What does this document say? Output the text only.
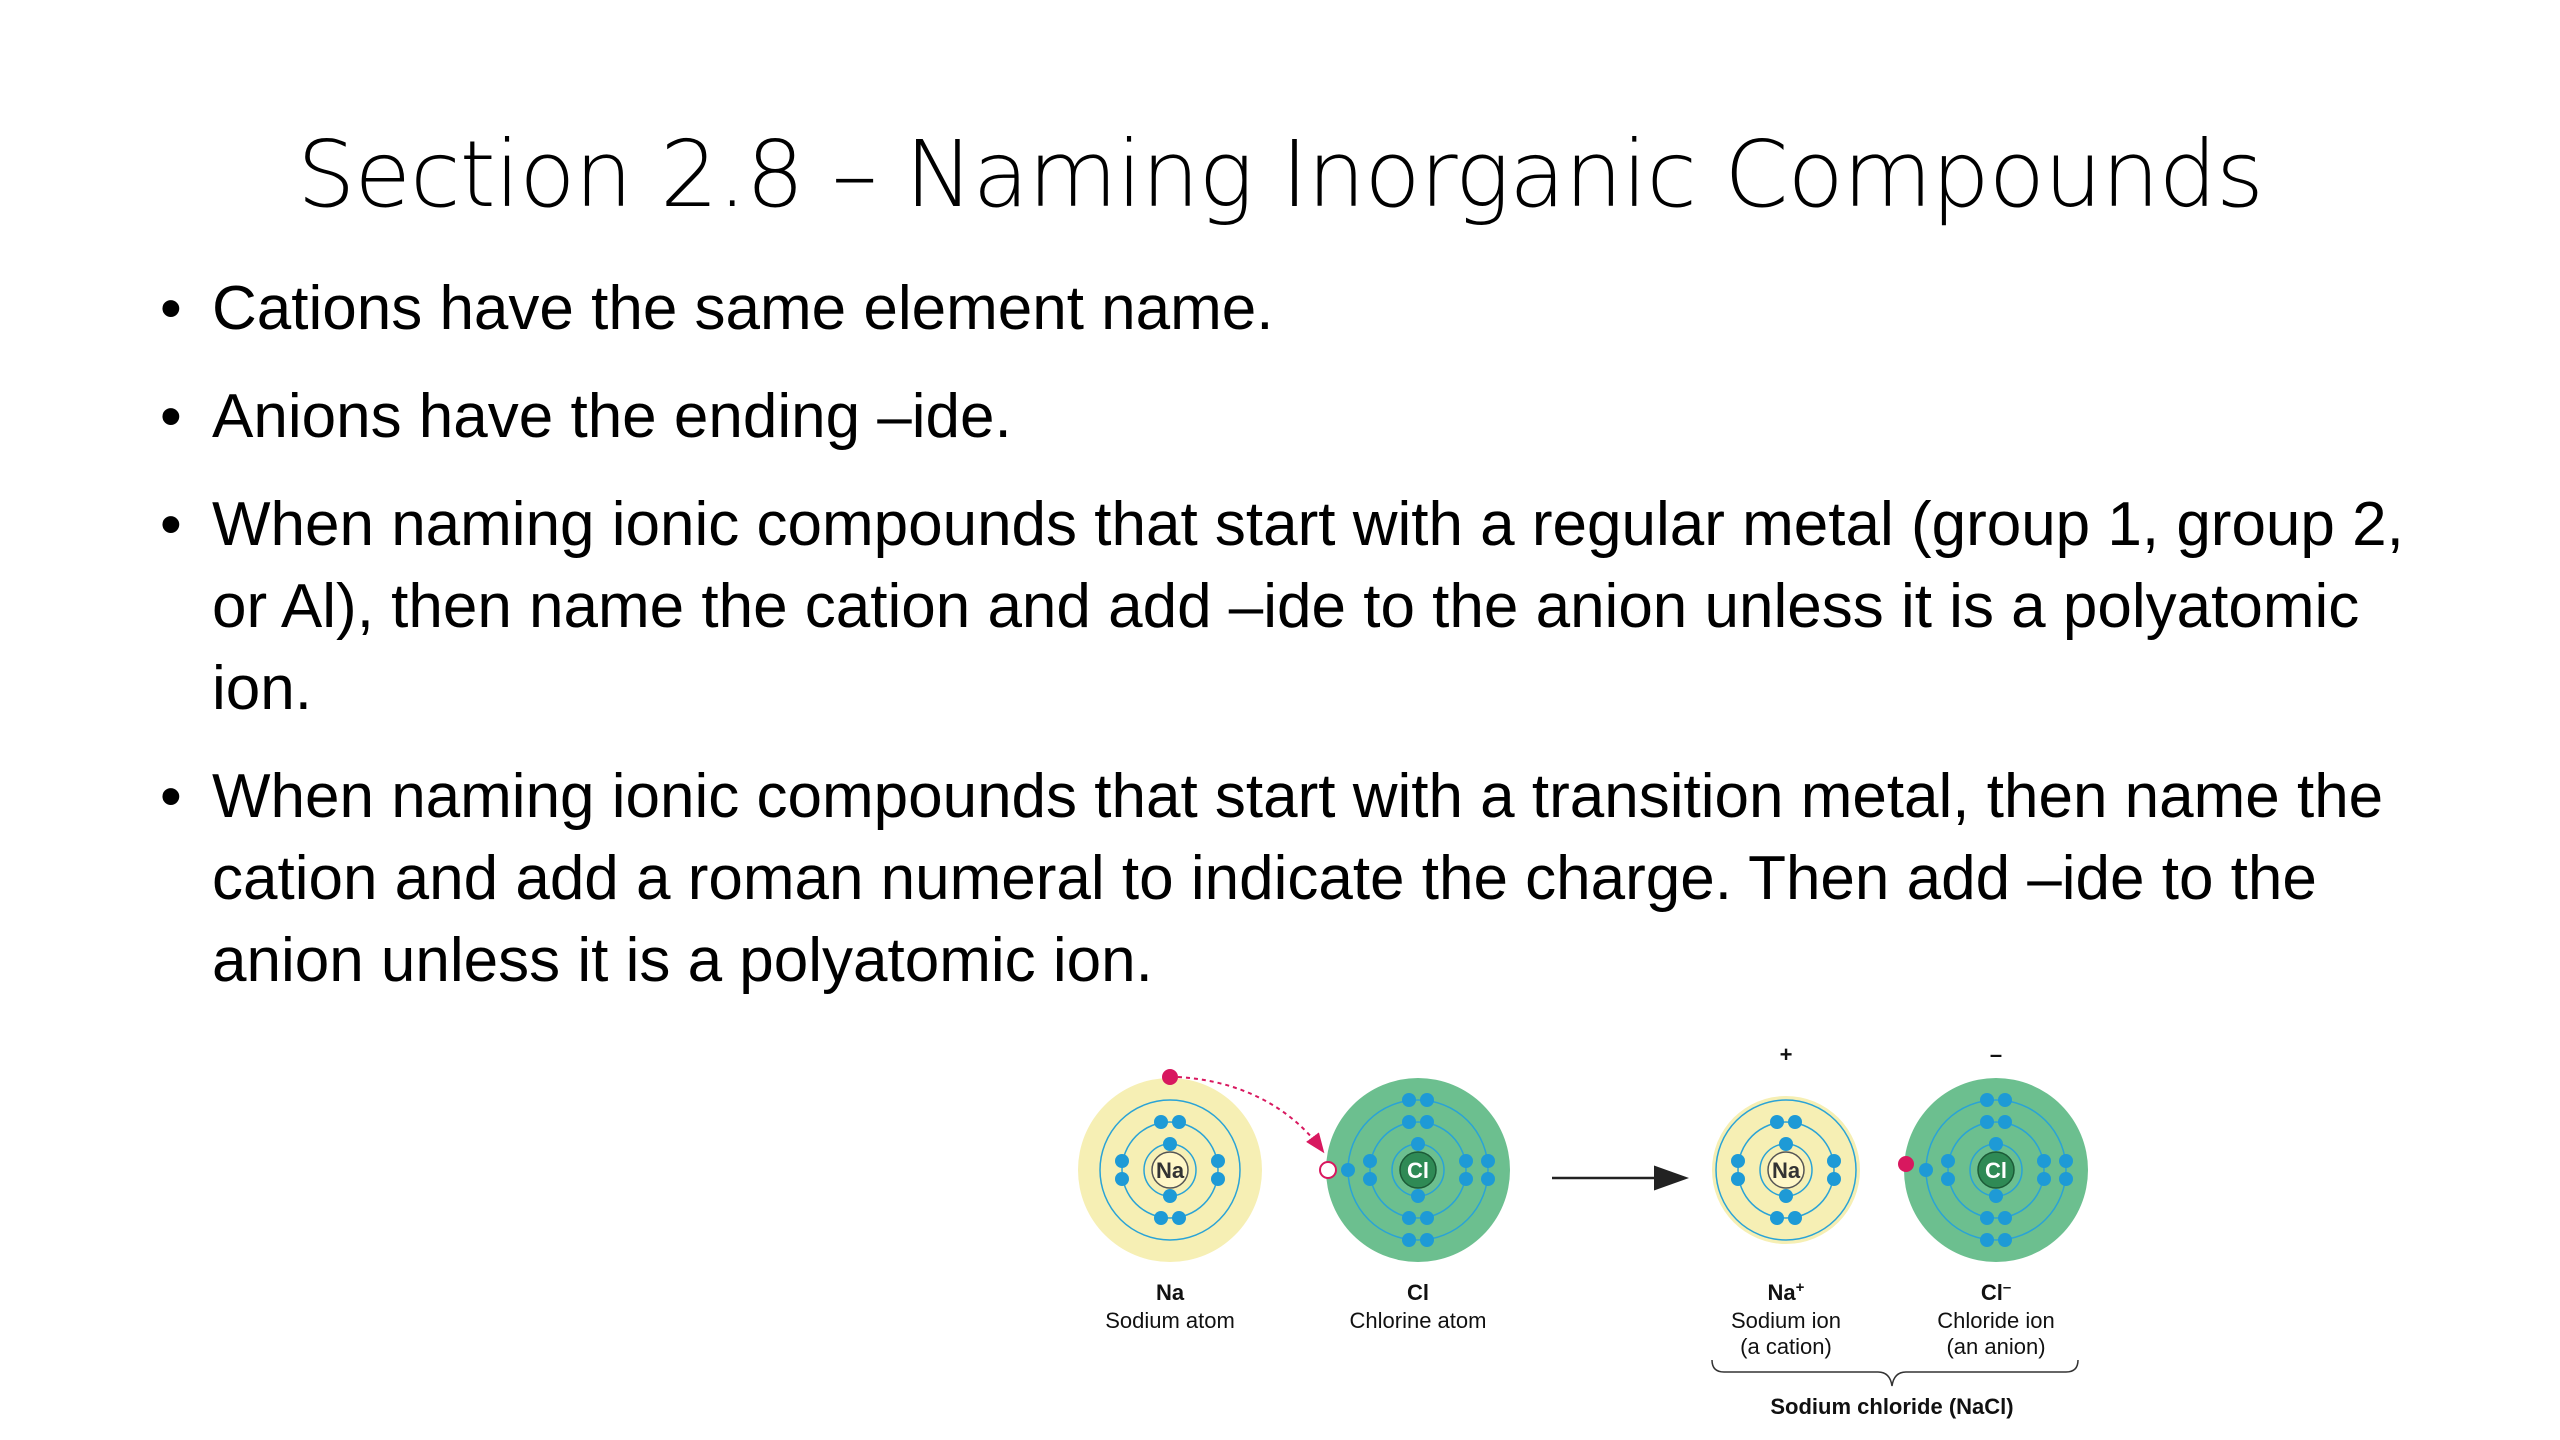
Section 2.8 – Naming Inorganic Compounds
• Cations have the same element name.
• Anions have the ending –ide.
• When naming ionic compounds that start with a regular metal (group 1, group 2, or Al), then name the cation and add –ide to the anion unless it is a polyatomic ion.
• When naming ionic compounds that start with a transition metal, then name the cation and add a roman numeral to indicate the charge. Then add –ide to the anion unless it is a polyatomic ion.
Na	Cl
+
Na
–
Cl
Na
Sodium atom
Cl
Chlorine atom
Na+
Sodium ion
(a cation)
Cl–
Chloride ion
(an anion)
Sodium chloride (NaCl)
